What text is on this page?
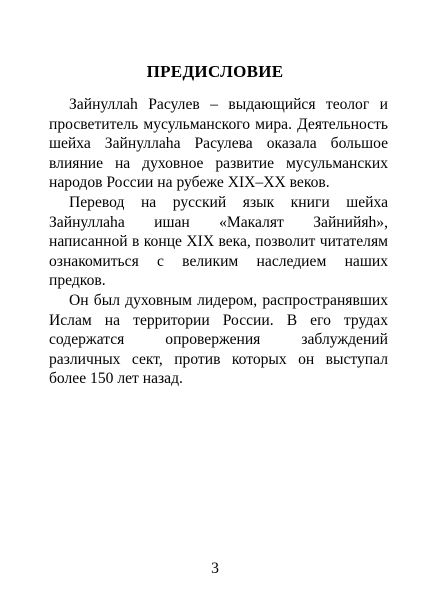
ПРЕДИСЛОВИЕ

Зайнуллаh Расулев – выдающийся теолог и просветитель мусульманского мира. Деятельность шейха Зайнуллаhа Расулева оказала большое влияние на духовное развитие мусульманских народов России на рубеже XIX–XX веков.

Перевод на русский язык книги шейха Зайнуллаhа ишан «Макалят Зайнийяh», написанной в конце XIX века, позволит читателям ознакомиться с великим наследием наших предков.

Он был духовным лидером, распространявших Ислам на территории России. В его трудах содержатся опровержения заблуждений различных сект, против которых он выступал более 150 лет назад.

3
